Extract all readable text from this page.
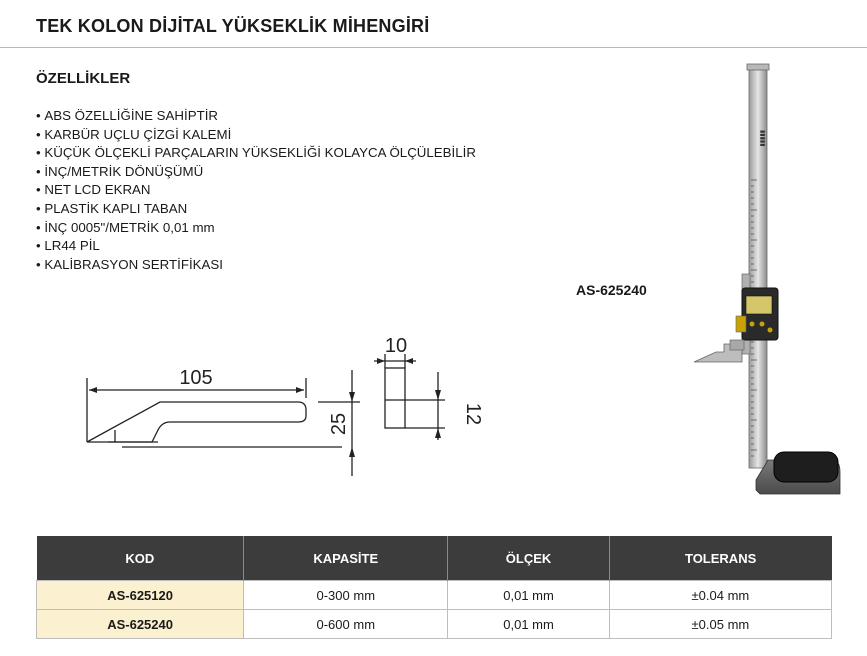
TEK KOLON DİJİTAL YÜKSEKLİK MİHENGİRİ
ÖZELLİKLER
• ABS ÖZELLİĞİNE SAHİPTİR
• KARBÜR UÇLU ÇİZGİ KALEMİ
• KÜÇÜK ÖLÇEKLİ PARÇALARIN YÜKSEKLİĞİ KOLAYCA ÖLÇÜLEBİLİR
• İNÇ/METRİK DÖNÜŞÜMÜ
• NET LCD EKRAN
• PLASTİK KAPLI TABAN
• İNÇ 0005"/METRİK 0,01 mm
• LR44 PİL
• KALİBRASYON SERTİFİKASI
AS-625240
105
10
25	12
▮▮▮▮▮
KOD	KAPASİTE	ÖLÇEK	TOLERANS
AS-625120	0-300 mm	0,01 mm	±0.04 mm
AS-625240	0-600 mm	0,01 mm	±0.05 mm
